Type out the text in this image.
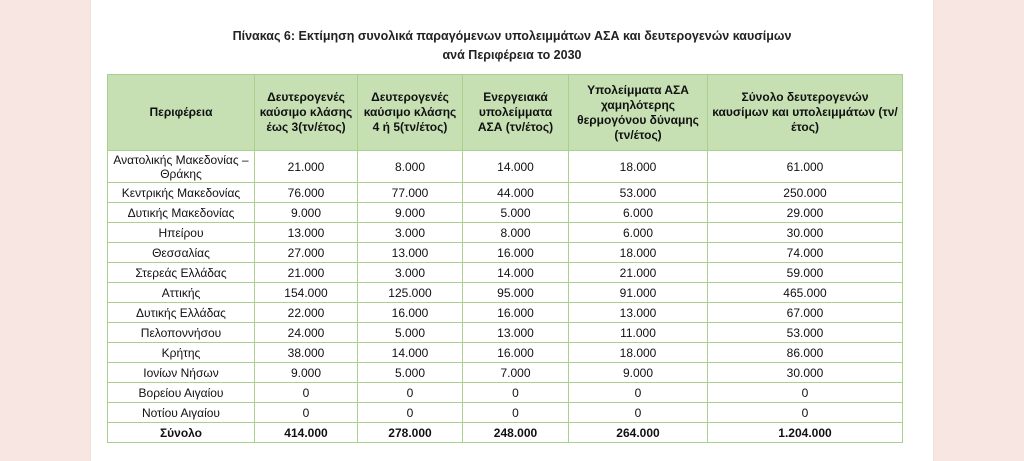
Πίνακας 6: Εκτίμηση συνολικά παραγόμενων υπολειμμάτων ΑΣΑ και δευτερογενών καυσίμων
ανά Περιφέρεια το 2030
Περιφέρεια	Δευτερογενές καύσιμο κλάσης έως 3(τν/έτος)	Δευτερογενές καύσιμο κλάσης 4 ή 5(τν/έτος)	Ενεργειακά υπολείμματα ΑΣΑ (τν/έτος)	Υπολείμματα ΑΣΑ χαμηλότερης θερμογόνου δύναμης (τν/έτος)	Σύνολο δευτερογενών καυσίμων και υπολειμμάτων (τν/έτος)
Ανατολικής Μακεδονίας – Θράκης	21.000	8.000	14.000	18.000	61.000
Κεντρικής Μακεδονίας	76.000	77.000	44.000	53.000	250.000
Δυτικής Μακεδονίας	9.000	9.000	5.000	6.000	29.000
Ηπείρου	13.000	3.000	8.000	6.000	30.000
Θεσσαλίας	27.000	13.000	16.000	18.000	74.000
Στερεάς Ελλάδας	21.000	3.000	14.000	21.000	59.000
Αττικής	154.000	125.000	95.000	91.000	465.000
Δυτικής Ελλάδας	22.000	16.000	16.000	13.000	67.000
Πελοποννήσου	24.000	5.000	13.000	11.000	53.000
Κρήτης	38.000	14.000	16.000	18.000	86.000
Ιονίων Νήσων	9.000	5.000	7.000	9.000	30.000
Βορείου Αιγαίου	0	0	0	0	0
Νοτίου Αιγαίου	0	0	0	0	0
Σύνολο	414.000	278.000	248.000	264.000	1.204.000
